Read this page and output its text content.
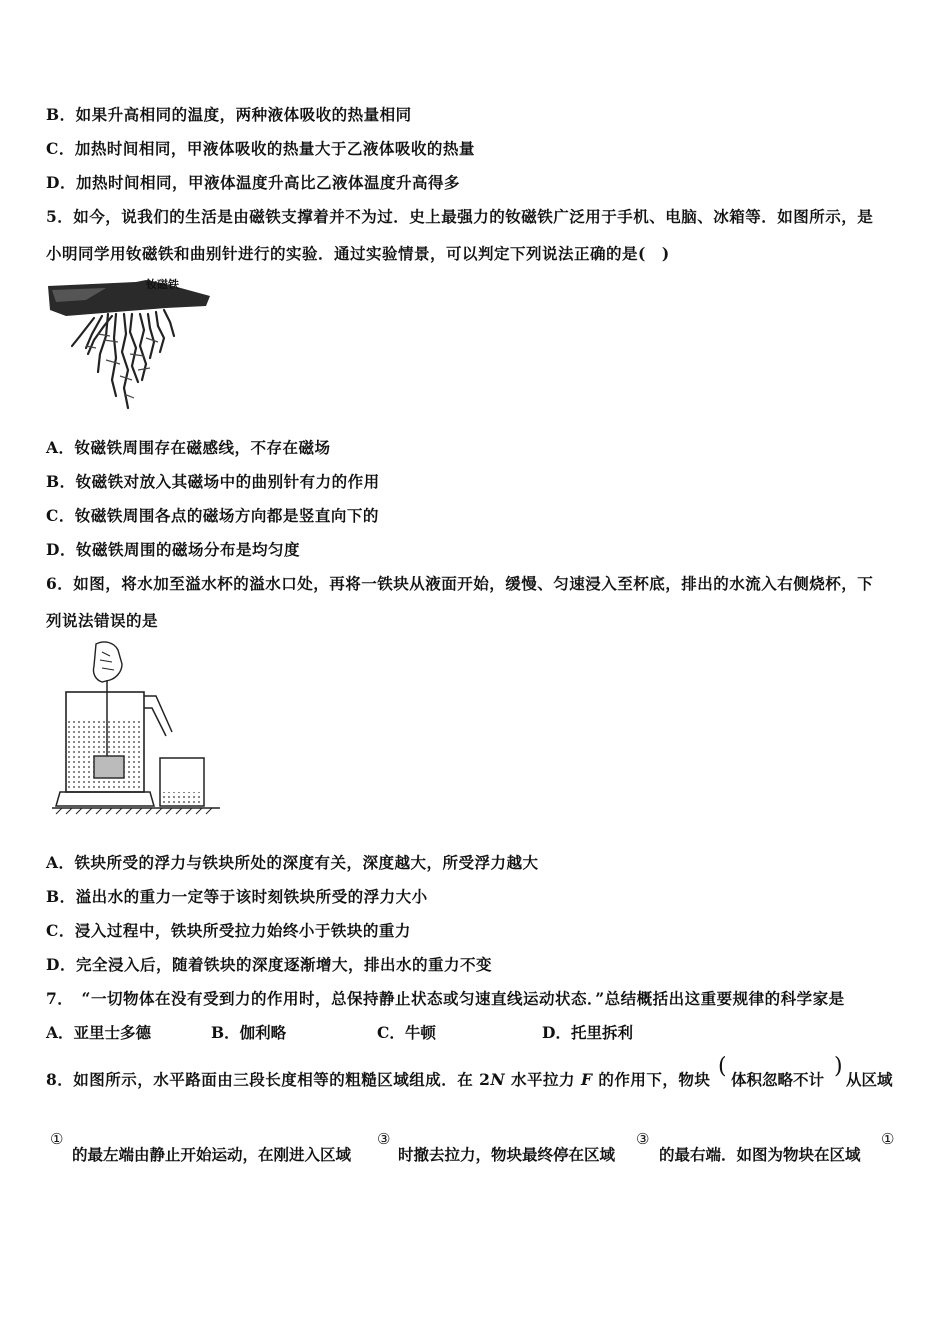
B．如果升高相同的温度，两种液体吸收的热量相同
C．加热时间相同，甲液体吸收的热量大于乙液体吸收的热量
D．加热时间相同，甲液体温度升高比乙液体温度升高得多
5．如今，说我们的生活是由磁铁支撑着并不为过．史上最强力的钕磁铁广泛用于手机、电脑、冰箱等．如图所示，是
小明同学用钕磁铁和曲别针进行的实验．通过实验情景，可以判定下列说法正确的是(　)
钕磁铁
A．钕磁铁周围存在磁感线，不存在磁场
B．钕磁铁对放入其磁场中的曲别针有力的作用
C．钕磁铁周围各点的磁场方向都是竖直向下的
D．钕磁铁周围的磁场分布是均匀度
6．如图，将水加至溢水杯的溢水口处，再将一铁块从液面开始，缓慢、匀速浸入至杯底，排出的水流入右侧烧杯，下
列说法错误的是
A．铁块所受的浮力与铁块所处的深度有关，深度越大，所受浮力越大
B．溢出水的重力一定等于该时刻铁块所受的浮力大小
C．浸入过程中，铁块所受拉力始终小于铁块的重力
D．完全浸入后，随着铁块的深度逐渐增大，排出水的重力不变
7．　“一切物体在没有受到力的作用时，总保持静止状态或匀速直线运动状态．”总结概括出这重要规律的科学家是
A．亚里士多德	B．伽利略	C．牛顿	D．托里拆利
8．如图所示，水平路面由三段长度相等的粗糙区域组成．在 2N 水平拉力 F 的作用下，物块
(
体积忽略不计
)
从区域
①
的最左端由静止开始运动，在刚进入区域
③
时撤去拉力，物块最终停在区域
③
的最右端．如图为物块在区域
①
